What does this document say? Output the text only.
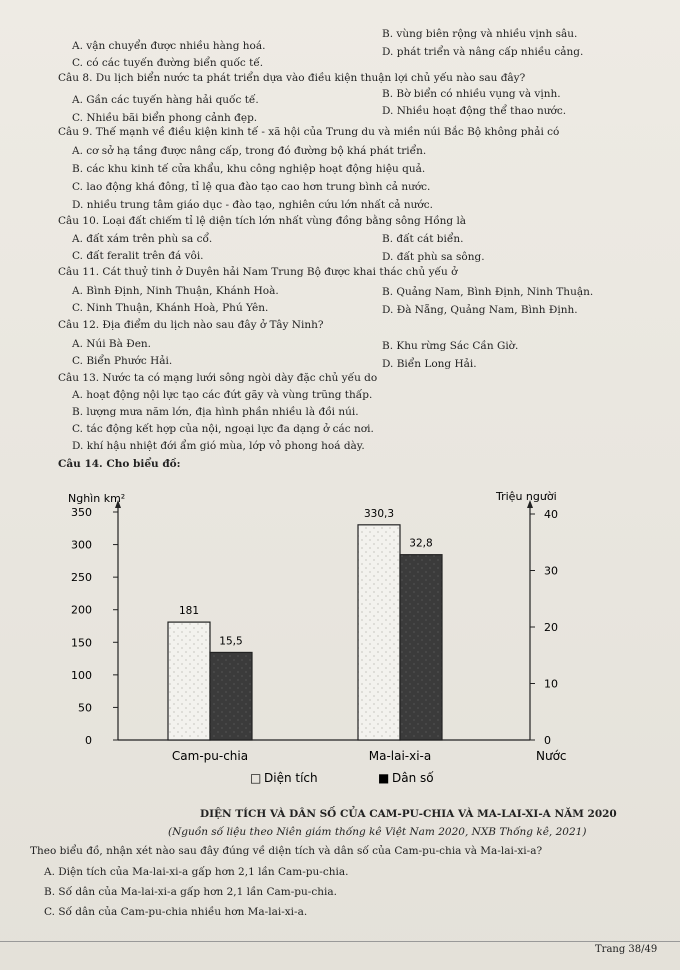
A. vận chuyển được nhiều hàng hoá.
B. vùng biên rộng và nhiều vịnh sâu.
C. có các tuyến đường biển quốc tế.
D. phát triển và nâng cấp nhiều cảng.
Câu 8. Du lịch biển nước ta phát triển dựa vào điều kiện thuận lợi chủ yếu nào sau đây?
A. Gần các tuyến hàng hải quốc tế.	B. Bờ biển có nhiều vụng và vịnh.
C. Nhiều bãi biển phong cảnh đẹp.
D. Nhiều hoạt động thể thao nước.
Câu 9. Thế mạnh về điều kiện kinh tế - xã hội của Trung du và miền núi Bắc Bộ không phải có
A. cơ sở hạ tầng được nâng cấp, trong đó đường bộ khá phát triển.
B. các khu kinh tế cửa khẩu, khu công nghiệp hoạt động hiệu quả.
C. lao động khá đông, tỉ lệ qua đào tạo cao hơn trung bình cả nước.
D. nhiều trung tâm giáo dục - đào tạo, nghiên cứu lớn nhất cả nước.
Câu 10. Loại đất chiếm tỉ lệ diện tích lớn nhất vùng đồng bằng sông Hồng là
A. đất xám trên phù sa cổ.	B. đất cát biển.
C. đất feralit trên đá vôi.	D. đất phù sa sông.
Câu 11. Cát thuỷ tinh ở Duyên hải Nam Trung Bộ được khai thác chủ yếu ở
A. Bình Định, Ninh Thuận, Khánh Hoà.	B. Quảng Nam, Bình Định, Ninh Thuận.
C. Ninh Thuận, Khánh Hoà, Phú Yên.	D. Đà Nẵng, Quảng Nam, Bình Định.
Câu 12. Địa điểm du lịch nào sau đây ở Tây Ninh?
A. Núi Bà Đen.	B. Khu rừng Sác Cần Giờ.
C. Biển Phước Hải.	D. Biển Long Hải.
Câu 13. Nước ta có mạng lưới sông ngòi dày đặc chủ yếu do
A. hoạt động nội lực tạo các đứt gãy và vùng trũng thấp.
B. lượng mưa năm lớn, địa hình phần nhiều là đồi núi.
C. tác động kết hợp của nội, ngoại lực đa dạng ở các nơi.
D. khí hậu nhiệt đới ẩm gió mùa, lớp vỏ phong hoá dày.
Câu 14. Cho biểu đồ:
0
50
100
150
200
250
300
350
0
10
20
30
40
Nghìn km²	Triệu người
181
15,5
Cam-pu-chia
330,3
32,8
Ma-lai-xi-a	Nước
□ Diện tích	■ Dân số
DIỆN TÍCH VÀ DÂN SỐ CỦA CAM-PU-CHIA VÀ MA-LAI-XI-A NĂM 2020
(Nguồn số liệu theo Niên giám thống kê Việt Nam 2020, NXB Thống kê, 2021)
Theo biểu đồ, nhận xét nào sau đây đúng về diện tích và dân số của Cam-pu-chia và Ma-lai-xi-a?
A. Diện tích của Ma-lai-xi-a gấp hơn 2,1 lần Cam-pu-chia.
B. Số dân của Ma-lai-xi-a gấp hơn 2,1 lần Cam-pu-chia.
C. Số dân của Cam-pu-chia nhiều hơn Ma-lai-xi-a.
Trang 38/49
